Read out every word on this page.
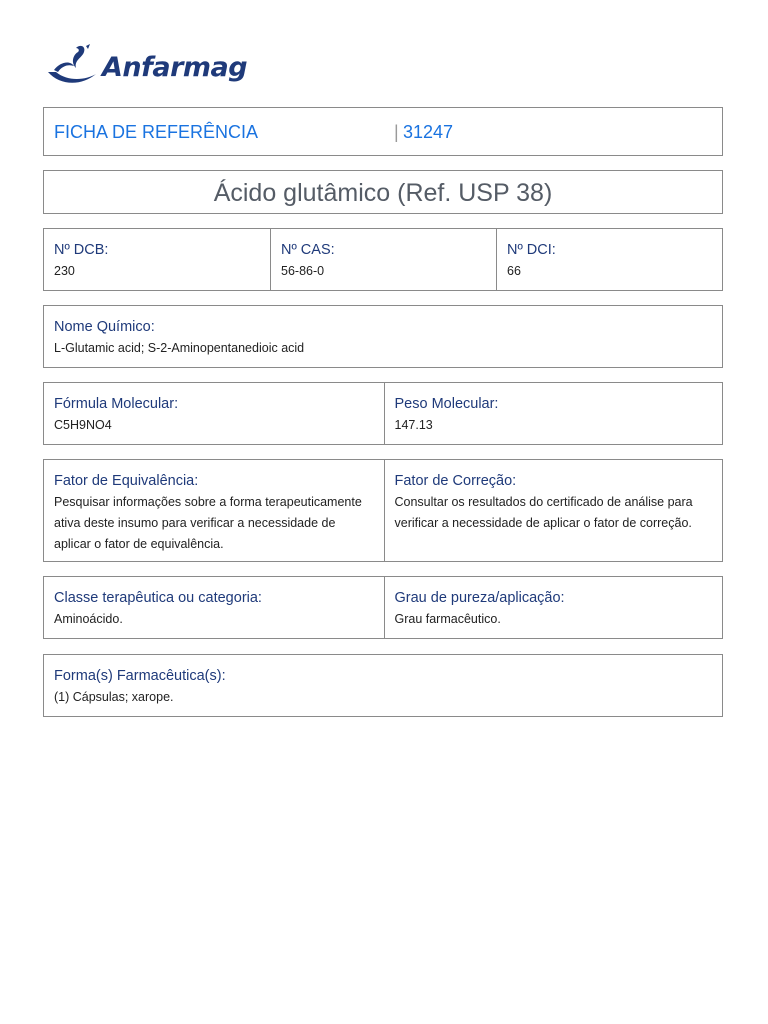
Anfarmag
FICHA DE REFERÊNCIA	| 31247
Ácido glutâmico (Ref. USP 38)
Nº DCB:
230
Nº CAS:
56-86-0
Nº DCI:
66
Nome Químico:
L-Glutamic acid; S-2-Aminopentanedioic acid
Fórmula Molecular:
C5H9NO4
Peso Molecular:
147.13
Fator de Equivalência:
Pesquisar informações sobre a forma terapeuticamente ativa deste insumo para verificar a necessidade de aplicar o fator de equivalência.
Fator de Correção:
Consultar os resultados do certificado de análise para verificar a necessidade de aplicar o fator de correção.
Classe terapêutica ou categoria:
Aminoácido.
Grau de pureza/aplicação:
Grau farmacêutico.
Forma(s) Farmacêutica(s):
(1) Cápsulas; xarope.
